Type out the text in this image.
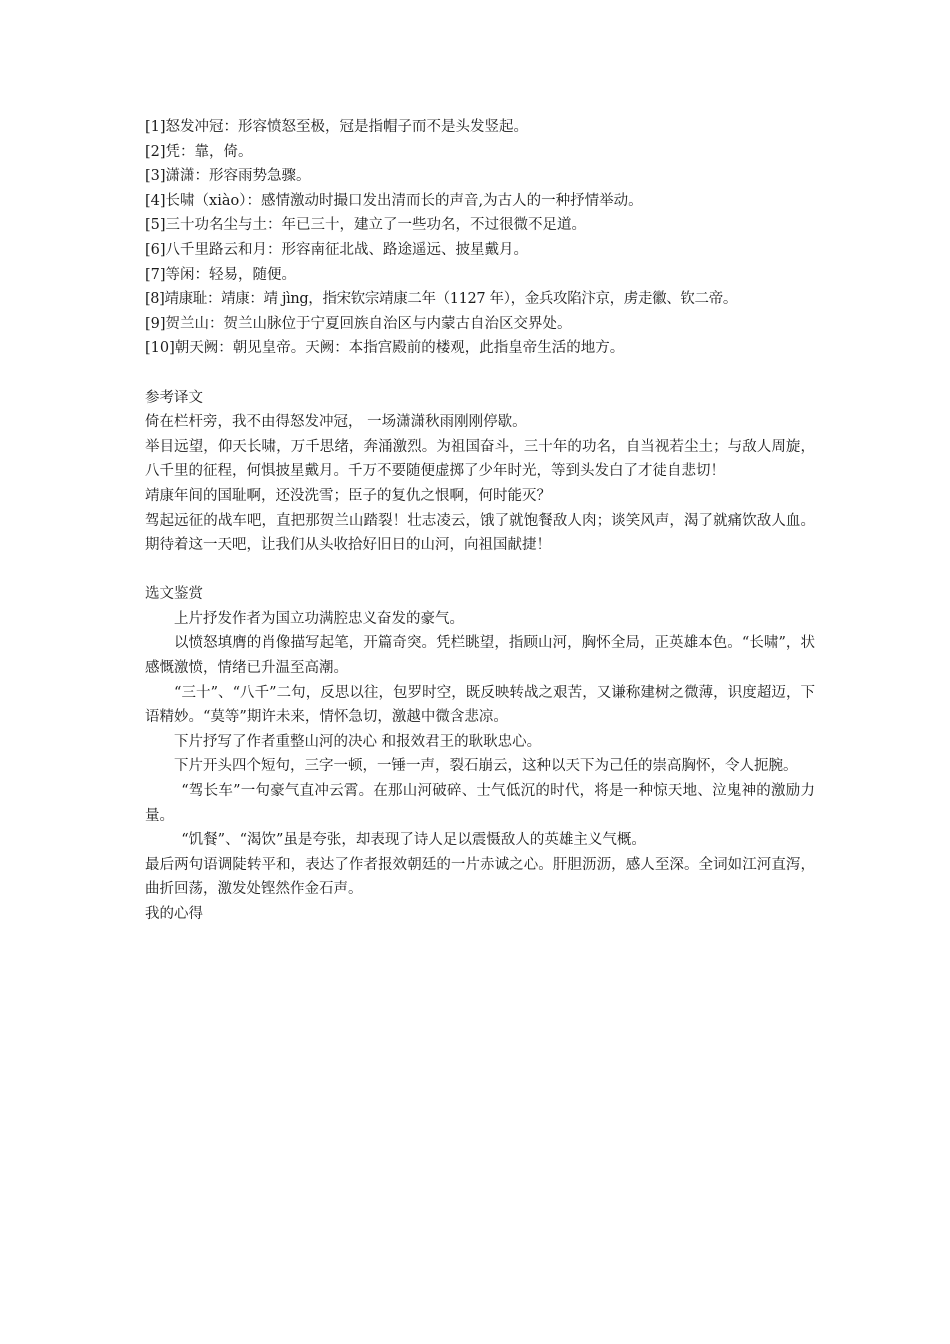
[1]怒发冲冠：形容愤怒至极，冠是指帽子而不是头发竖起。

[2]凭：靠，倚。

[3]潇潇：形容雨势急骤。

[4]长啸（xiào）：感情激动时撮口发出清而长的声音,为古人的一种抒情举动。

[5]三十功名尘与土：年已三十，建立了一些功名，不过很微不足道。

[6]八千里路云和月：形容南征北战、路途遥远、披星戴月。

[7]等闲：轻易，随便。

[8]靖康耻：靖康：靖 jìng，指宋钦宗靖康二年（1127 年），金兵攻陷汴京，虏走徽、钦二帝。

[9]贺兰山：贺兰山脉位于宁夏回族自治区与内蒙古自治区交界处。

[10]朝天阙：朝见皇帝。天阙：本指宫殿前的楼观，此指皇帝生活的地方。

参考译文

倚在栏杆旁，我不由得怒发冲冠， 一场潇潇秋雨刚刚停歇。

举目远望，仰天长啸，万千思绪，奔涌激烈。为祖国奋斗，三十年的功名，自当视若尘土；与敌人周旋，八千里的征程，何惧披星戴月。千万不要随便虚掷了少年时光，等到头发白了才徒自悲切！

靖康年间的国耻啊，还没洗雪；臣子的复仇之恨啊，何时能灭？

驾起远征的战车吧，直把那贺兰山踏裂！壮志凌云，饿了就饱餐敌人肉；谈笑风声，渴了就痛饮敌人血。期待着这一天吧，让我们从头收拾好旧日的山河，向祖国献捷！

选文鉴赏

上片抒发作者为国立功满腔忠义奋发的豪气。

以愤怒填膺的肖像描写起笔，开篇奇突。凭栏眺望，指顾山河，胸怀全局，正英雄本色。“长啸”，状感慨激愤，情绪已升温至高潮。

“三十”、“八千”二句，反思以往，包罗时空，既反映转战之艰苦，又谦称建树之微薄，识度超迈，下语精妙。“莫等”期许未来，情怀急切，激越中微含悲凉。

下片抒写了作者重整山河的决心 和报效君王的耿耿忠心。

下片开头四个短句，三字一顿，一锤一声，裂石崩云，这种以天下为己任的崇高胸怀，令人扼腕。

“驾长车”一句豪气直冲云霄。在那山河破碎、士气低沉的时代，将是一种惊天地、泣鬼神的激励力量。

“饥餐”、“渴饮”虽是夸张，却表现了诗人足以震慑敌人的英雄主义气概。

最后两句语调陡转平和，表达了作者报效朝廷的一片赤诚之心。肝胆沥沥，感人至深。全词如江河直泻，曲折回荡，激发处铿然作金石声。

我的心得
